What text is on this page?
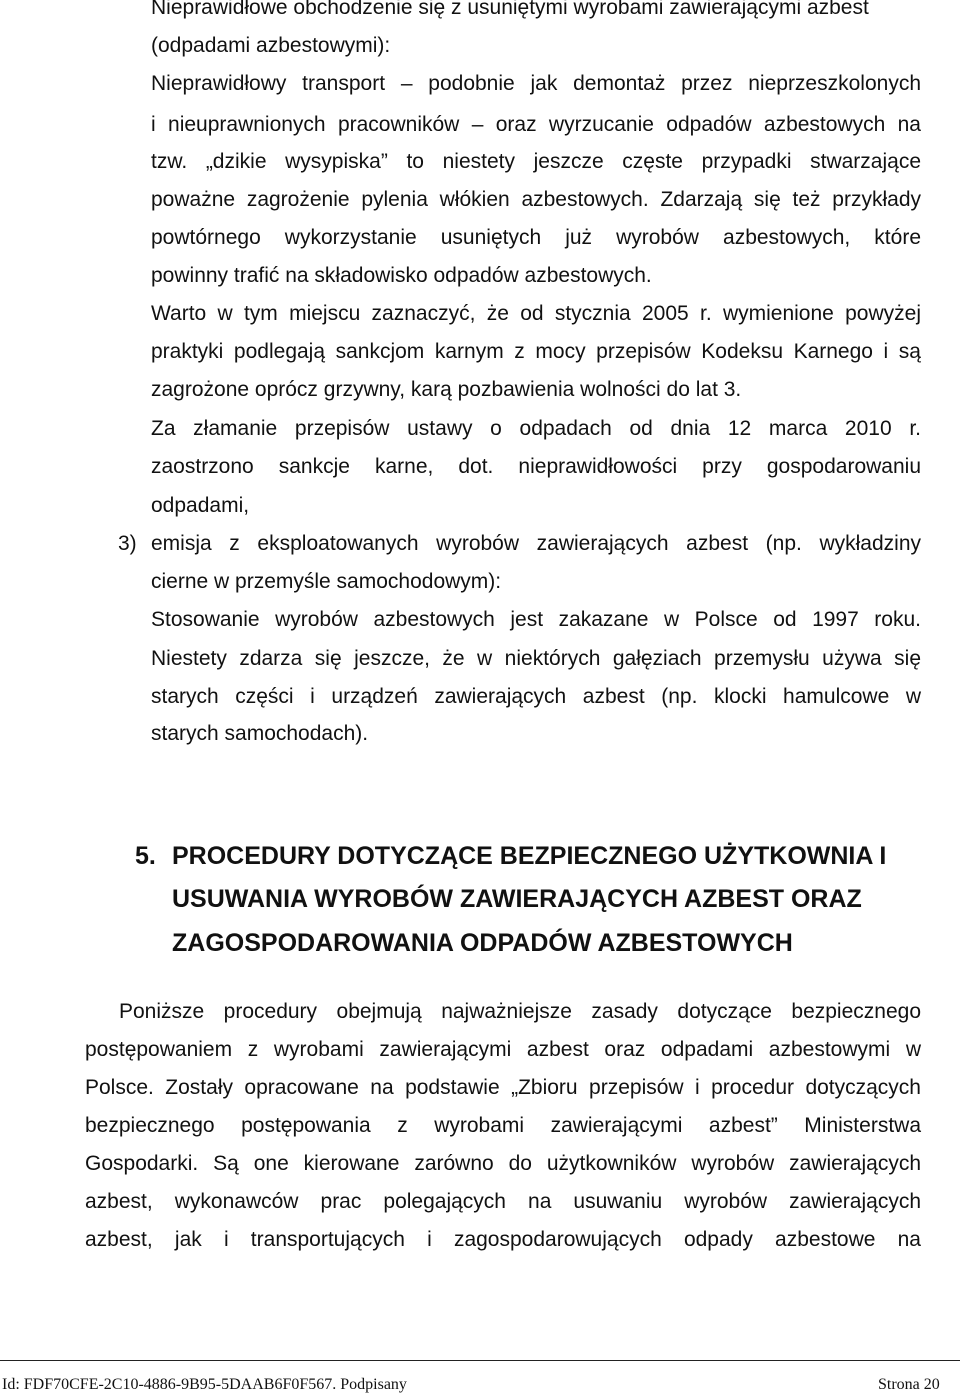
Nieprawidłowe obchodzenie się z usuniętymi wyrobami zawierającymi azbest
(odpadami azbestowymi):
Nieprawidłowy transport – podobnie jak demontaż przez nieprzeszkolonych
i nieuprawnionych pracowników – oraz wyrzucanie odpadów azbestowych na
tzw. „dzikie wysypiska” to niestety jeszcze częste przypadki stwarzające
poważne zagrożenie pylenia włókien azbestowych. Zdarzają się też przykłady
powtórnego wykorzystanie usuniętych już wyrobów azbestowych, które
powinny trafić na składowisko odpadów azbestowych.
Warto w tym miejscu zaznaczyć, że od stycznia 2005 r. wymienione powyżej
praktyki podlegają sankcjom karnym z mocy przepisów Kodeksu Karnego i są
zagrożone oprócz grzywny, karą pozbawienia wolności do lat 3.
Za złamanie przepisów ustawy o odpadach od dnia 12 marca 2010 r.
zaostrzono sankcje karne, dot. nieprawidłowości przy gospodarowaniu
odpadami,
3) emisja z eksploatowanych wyrobów zawierających azbest (np. wykładziny
cierne w przemyśle samochodowym):
Stosowanie wyrobów azbestowych jest zakazane w Polsce od 1997 roku.
Niestety zdarza się jeszcze, że w niektórych gałęziach przemysłu używa się
starych części i urządzeń zawierających azbest (np. klocki hamulcowe w
starych samochodach).
5. PROCEDURY DOTYCZĄCE BEZPIECZNEGO UŻYTKOWNIA I
USUWANIA WYROBÓW ZAWIERAJĄCYCH AZBEST ORAZ
ZAGOSPODAROWANIA ODPADÓW AZBESTOWYCH
Poniższe procedury obejmują najważniejsze zasady dotyczące bezpiecznego
postępowaniem z wyrobami zawierającymi azbest oraz odpadami azbestowymi w
Polsce. Zostały opracowane na podstawie „Zbioru przepisów i procedur dotyczących
bezpiecznego postępowania z wyrobami zawierającymi azbest” Ministerstwa
Gospodarki. Są one kierowane zarówno do użytkowników wyrobów zawierających
azbest, wykonawców prac polegających na usuwaniu wyrobów zawierających
azbest, jak i transportujących i zagospodarowujących odpady azbestowe na
Id: FDF70CFE-2C10-4886-9B95-5DAAB6F0F567. Podpisany	Strona 20
